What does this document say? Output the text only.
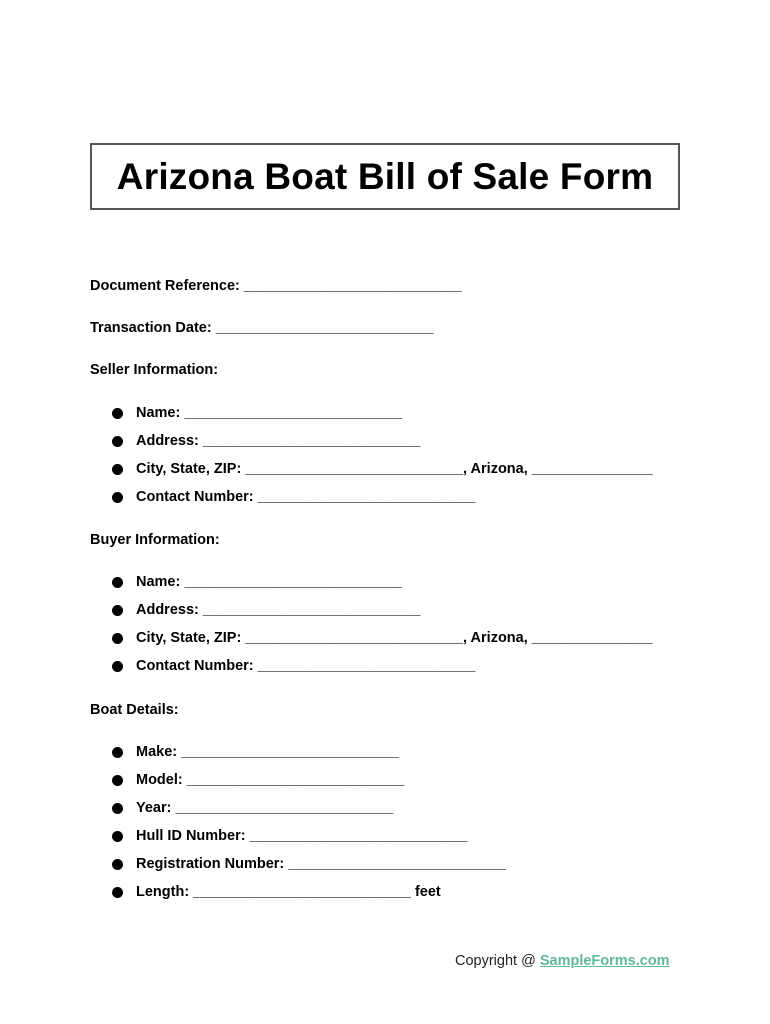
Arizona Boat Bill of Sale Form
Document Reference: ___________________________
Transaction Date: ___________________________
Seller Information:
Name: ___________________________
Address: ___________________________
City, State, ZIP: ___________________________, Arizona, _______________
Contact Number: ___________________________
Buyer Information:
Name: ___________________________
Address: ___________________________
City, State, ZIP: ___________________________, Arizona, _______________
Contact Number: ___________________________
Boat Details:
Make: ___________________________
Model: ___________________________
Year: ___________________________
Hull ID Number: ___________________________
Registration Number: ___________________________
Length: ___________________________ feet
Copyright @ SampleForms.com
